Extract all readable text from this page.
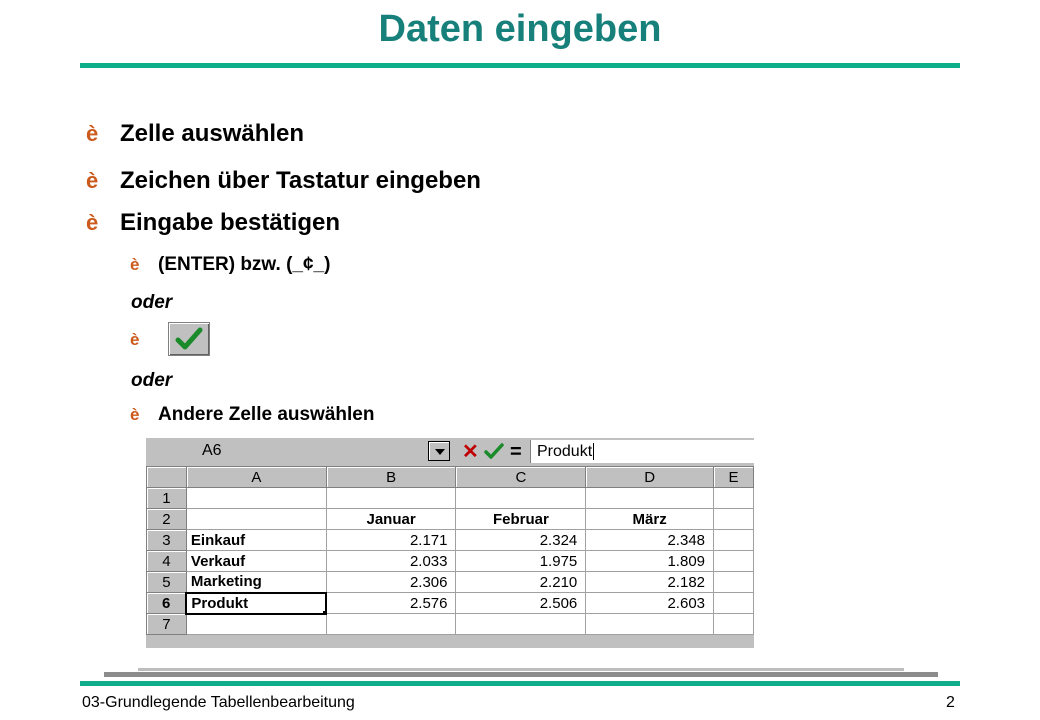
Daten eingeben
è Zelle auswählen
è Zeichen über Tastatur eingeben
è Eingabe bestätigen
è (ENTER) bzw. (_¢_)
oder
è
oder
è Andere Zelle auswählen
A6	✕ = Produkt
	A	B	C	D	E
1					
2		Januar	Februar	März	
3	Einkauf	2.171	2.324	2.348	
4	Verkauf	2.033	1.975	1.809	
5	Marketing	2.306	2.210	2.182	
6	Produkt	2.576	2.506	2.603	
7					
03-Grundlegende Tabellenbearbeitung	2
